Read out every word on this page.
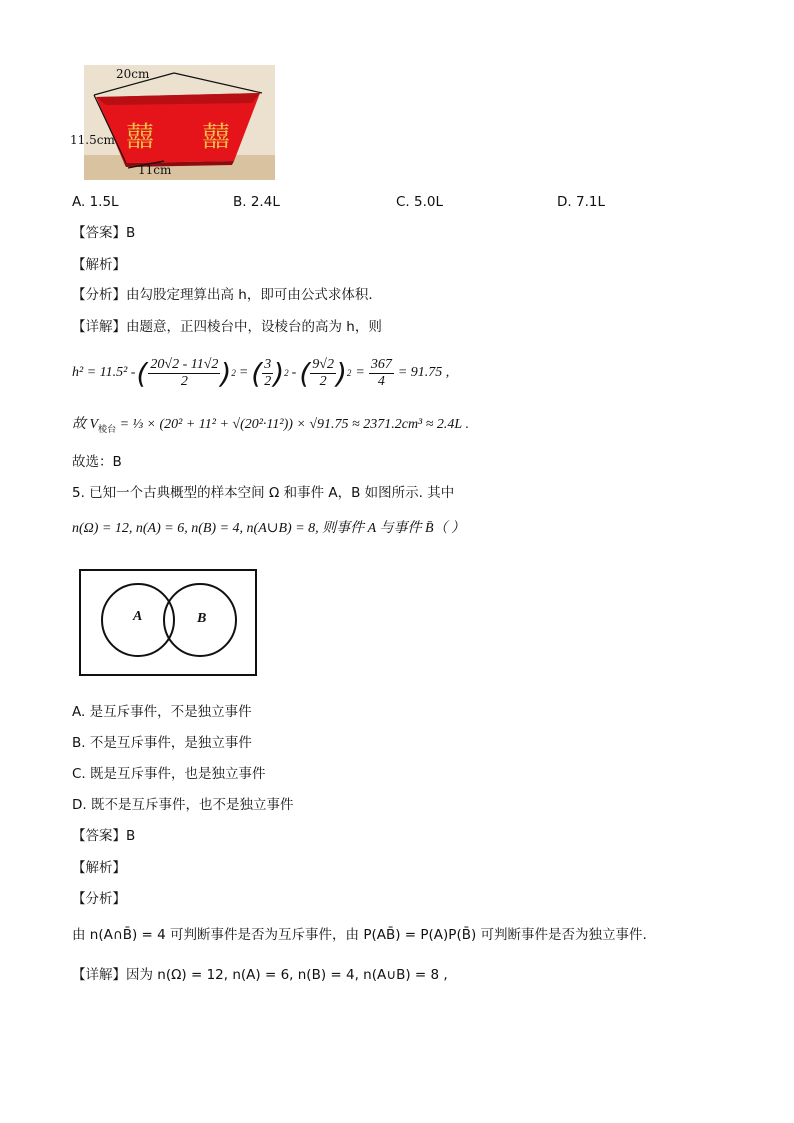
囍 囍
20cm
11cm
11.5cm
A. 1.5L	B. 2.4L	C. 5.0L	D. 7.1L
【答案】B
【解析】
【分析】由勾股定理算出高 h，即可由公式求体积.
【详解】由题意，正四棱台中，设棱台的高为 h，则
h² = 11.5² - ( $\frac{20√2 - 11√2}{2}$ ) 2 = ( $\frac{3}{2}$ ) 2 - ( $\frac{9√2}{2}$ ) $2 = \frac{367}{4} = 91.75$ ,
故 $V_{棱台}$ = ⅓ × (20² + 11² + √(20²·11²)) × √91.75 ≈ 2371.2cm³ ≈ 2.4L .
故选：B
5. 已知一个古典概型的样本空间 Ω 和事件 A，B 如图所示. 其中
n(Ω) = 12, n(A) = 6, n(B) = 4, n(A∪B) = 8, 则事件 A 与事件 B̄（ ）
A	B
A. 是互斥事件，不是独立事件
B. 不是互斥事件，是独立事件
C. 既是互斥事件，也是独立事件
D. 既不是互斥事件，也不是独立事件
【答案】B
【解析】
【分析】
由 n(A∩B̄) = 4 可判断事件是否为互斥事件，由 P(AB̄) = P(A)P(B̄) 可判断事件是否为独立事件.
【详解】因为 n(Ω) = 12, n(A) = 6, n(B) = 4, n(A∪B) = 8 ,
